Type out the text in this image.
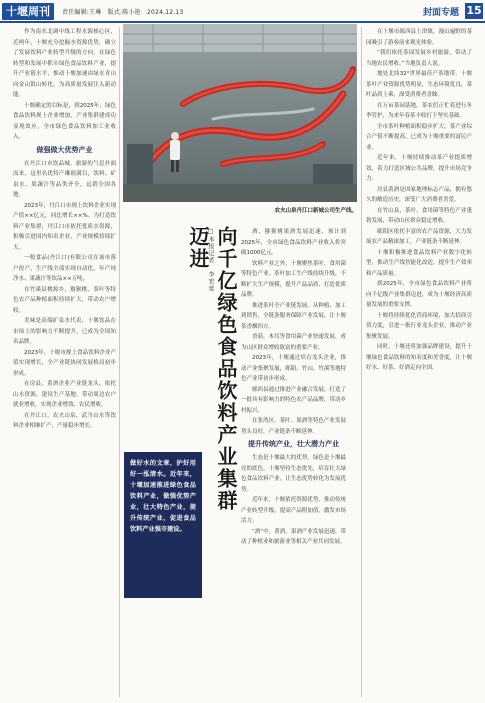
十堰周刊	责任编辑:王琳　版式:陈小艳　2024.12.13	封面专题 15

作为南水北调中线工程水源核心区，近两年，十堰充分挖掘水资源优势，确立了发展饮料产业转型升级的方向，在绿色转型和发展中抓实绿色食品饮料产业，提升产业链水平，推动十堰加速由绿水青山向金山银山转化，为高质量发展注入新动能。

十堰确定的目标是，到2025年，绿色食品饮料规上企业增加，产业集群建成功显现效应，全市绿色食品饮料加工业收入。

做强做大优势产业

在丹江口市饮品城，旅游的气息扑面而来，这里名优特产琳琅满目，饮料、矿泉水、果蔬汁等品类齐全，远销全国各地。

2023年，丹江口市规上饮料企业实现产值××亿元，同比增长××%。为打造饮料产业集群，丹江口市依托优质水资源，积极引进国内知名企业，产业规模持续扩大。

一般食品(丹江口)有限公司在该市落户投产，生产线全部实现自动化，年产纯净水、果蔬汁等饮品××万吨。

在竹溪县桃源乡，猕猴桃、茶叶等特色农产品种植面积持续扩大，带动农户增收。

美味是高端矿泉水代表，十堰饮品在市场上的影响力不断提升，已成为全国知名品牌。

2023年，十堰市规上食品饮料企业产值实现增长，全产业链协同发展格局初步形成。

在房县，黄酒企业产业链龙头，依托山水资源，建设生产基地，带动周边农户就业增收，实现企业增效、农民增收。

在丹江口，农夫山泉、武当山水等饮料企业相继扩产，产量稳步增长。

农夫山泉丹江口新城公司生产线。
□本报记者　李宏宽 向千亿绿色食品饮料产业集群迈进
做好水的文章，护好用好一泓清水。近年来，十堰加速推进绿色食品饮料产业，做强优势产业，壮大特色产业，提升传统产业，促进食品饮料产业强市建设。

酒、猕猴桃果酒发展迅速，预计到2025年，全市绿色食品饮料产业收入将突破1000亿元。

饮料产业之外，十堰聚焦茶叶、食用菌等特色产业。茶叶加工生产线持续升级，不断扩大生产规模，提升产品品质，打造优质品牌。

推进茶叶全产业链发展，从种植、加工到销售，全链条服务保障产业发展，让十堰茶香飘四方。

香菇、木耳等食用菌产业快速发展，成为山区群众增收致富的重要产业。

2023年，十堰通过培育龙头企业，推动产业集聚发展，郧阳、竹山、竹溪等地特色产业带初步形成。

郧西县通过推进产业融合发展，打造了一批具有影响力的特色农产品品牌，带动乡村振兴。

在张湾区，茶叶、果酒等特色产业发展势头良好，产业链条不断延伸。

提升传统产业，壮大潜力产业

生态是十堰最大的优势，绿色是十堰最亮的底色。十堰坚持生态优先，培育壮大绿色食品饮料产业，让生态优势转化为发展优势。

近年来，十堰依托资源优势，推动传统产业转型升级，提高产品附加值，激发市场活力。

“酒”中，黄酒、果酒产业发展迅速，带动了种植业和旅游业等相关产业共同发展。

在十堰市郧西县上津镇，漫山遍野的茶园吸引了游客前来观光体验。

“我们依托茶园发展乡村旅游，带动了当地农民增收。”当地负责人说。

地处北纬32°世界最佳产茶地带，十堰茶叶产业资源优势明显，生态环境优良，茶叶品质上乘，深受消费者青睐。

在万亩茶园基地，茶农们正忙着进行冬季管护，为来年春茶丰收打下坚实基础。

全市茶叶种植面积稳步扩大，茶产业综合产值不断提高，已成为十堰重要的富民产业。

近年来，十堰持续推动茶产业提质增效，着力打造区域公共品牌，提升市场竞争力。

房县黄酒是国家地理标志产品，拥有悠久的酿造历史，深受广大消费者喜爱。

在竹山县，茶叶、食用菌等特色产业蓬勃发展，带动山区群众稳定增收。

郧阳区依托丰富的农产品资源，大力发展农产品精深加工，产业链条不断延伸。

十堰积极推进食品饮料产业数字化转型，推动生产线智能化改造，提升生产效率和产品质量。

到2025年，全市绿色食品饮料产业将向千亿级产业集群迈进，成为十堰经济高质量发展的重要支撑。

十堰将持续优化营商环境，加大招商引资力度，引进一批行业龙头企业，推动产业集聚发展。

同时，十堰还将加强品牌建设，提升十堰绿色食品饮料的知名度和美誉度，让十堰好水、好茶、好酒走向全国。
